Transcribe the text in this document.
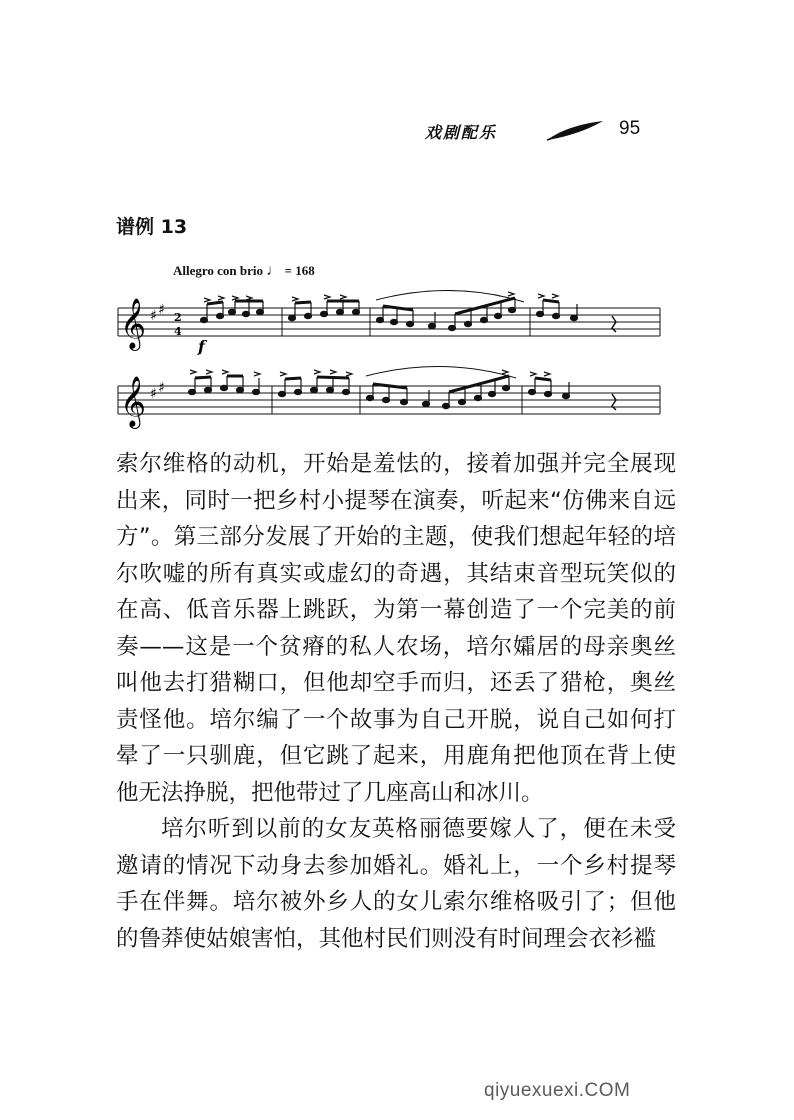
戏剧配乐	95
谱例 13
Allegro con brio ♩ = 168
𝄞 ♯ ♯ 2
4
f
𝄞 ♯ ♯

索尔维格的动机，开始是羞怯的，接着加强并完全展现出来，同时一把乡村小提琴在演奏，听起来“仿佛来自远方”。第三部分发展了开始的主题，使我们想起年轻的培尔吹嘘的所有真实或虚幻的奇遇，其结束音型玩笑似的在高、低音乐器上跳跃，为第一幕创造了一个完美的前奏——这是一个贫瘠的私人农场，培尔孀居的母亲奥丝叫他去打猎糊口，但他却空手而归，还丢了猎枪，奥丝责怪他。培尔编了一个故事为自己开脱，说自己如何打晕了一只驯鹿，但它跳了起来，用鹿角把他顶在背上使他无法挣脱，把他带过了几座高山和冰川。

培尔听到以前的女友英格丽德要嫁人了，便在未受邀请的情况下动身去参加婚礼。婚礼上，一个乡村提琴手在伴舞。培尔被外乡人的女儿索尔维格吸引了；但他的鲁莽使姑娘害怕，其他村民们则没有时间理会衣衫褴

qiyuexuexi.COM
